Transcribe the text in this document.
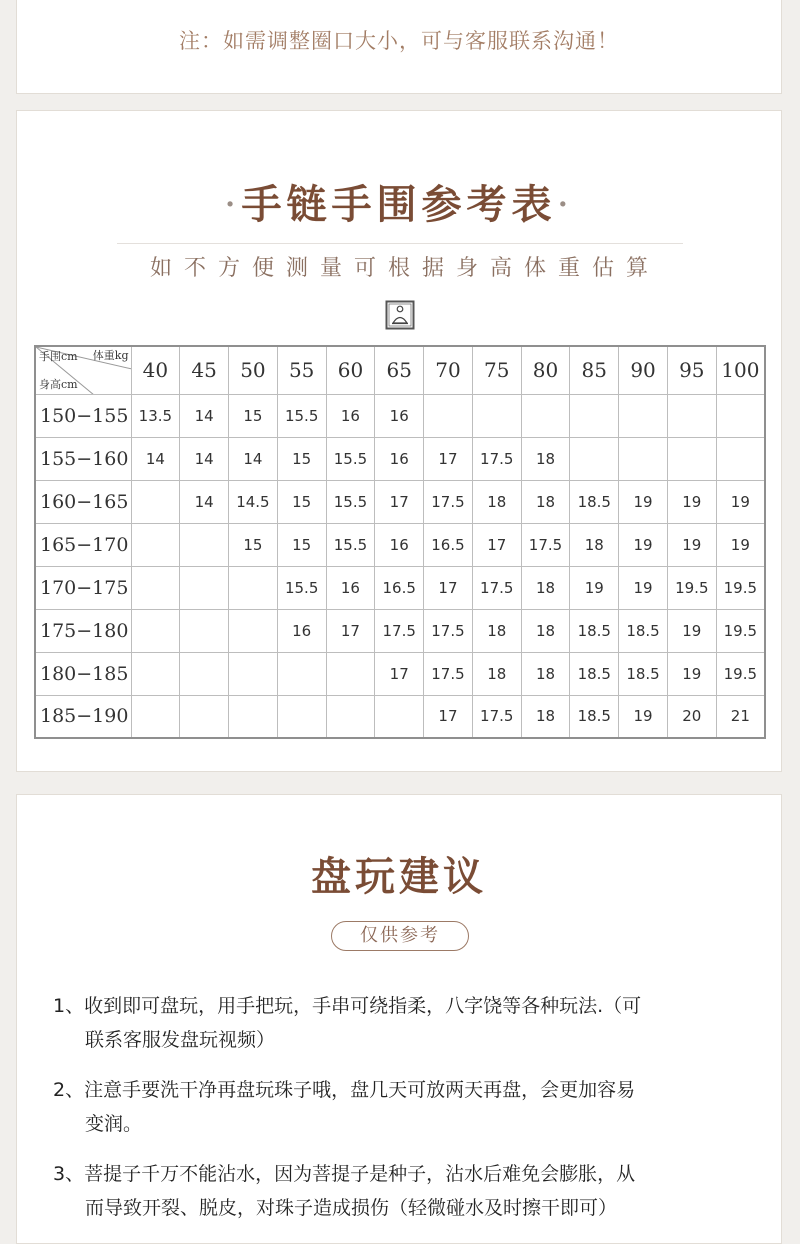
注：如需调整圈口大小，可与客服联系沟通！
·手链手围参考表·
如不方便测量可根据身高体重估算
手围cm 体重kg
身高cm	40	45	50	55	60	65	70	75	80	85	90	95	100
150−155	13.5	14	15	15.5	16	16							
155−160	14	14	14	15	15.5	16	17	17.5	18				
160−165		14	14.5	15	15.5	17	17.5	18	18	18.5	19	19	19
165−170			15	15	15.5	16	16.5	17	17.5	18	19	19	19
170−175				15.5	16	16.5	17	17.5	18	19	19	19.5	19.5
175−180				16	17	17.5	17.5	18	18	18.5	18.5	19	19.5
180−185						17	17.5	18	18	18.5	18.5	19	19.5
185−190							17	17.5	18	18.5	19	20	21
盘玩建议
仅供参考
1、收到即可盘玩，用手把玩，手串可绕指柔，八字饶等各种玩法.（可
联系客服发盘玩视频）
2、注意手要洗干净再盘玩珠子哦，盘几天可放两天再盘，会更加容易
变润。
3、菩提子千万不能沾水，因为菩提子是种子，沾水后难免会膨胀，从
而导致开裂、脱皮，对珠子造成损伤（轻微碰水及时擦干即可）
